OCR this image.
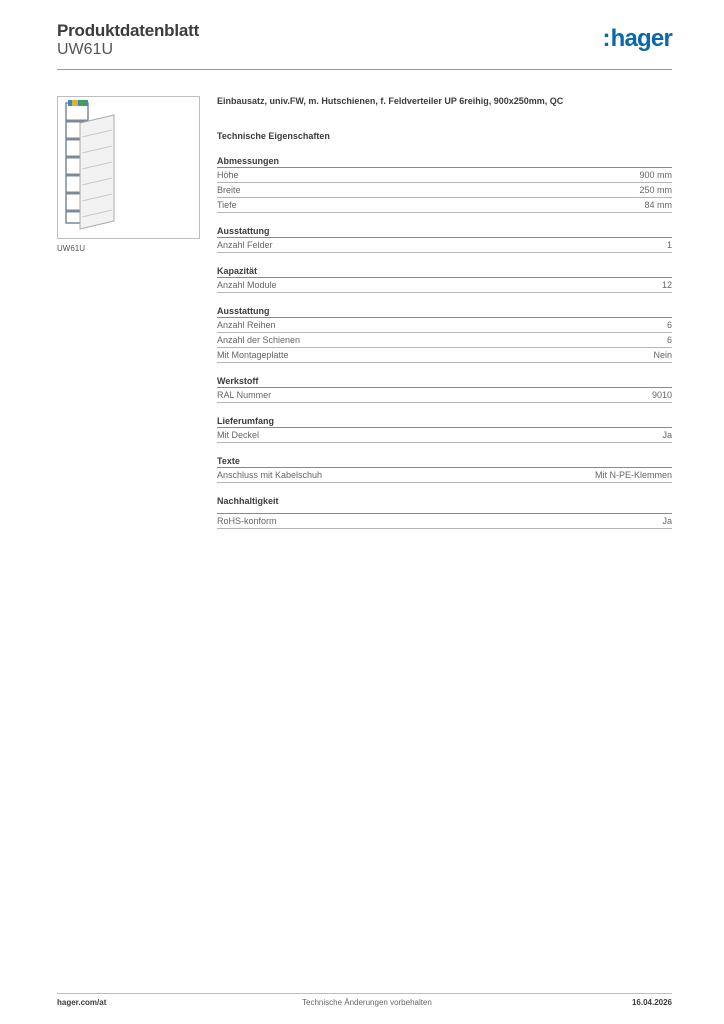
Produktdatenblatt
UW61U	:hager
UW61U
Einbausatz, univ.FW, m. Hutschienen, f. Feldverteiler UP 6reihig, 900x250mm, QC
Technische Eigenschaften
Abmessungen
Höhe	900 mm
Breite	250 mm
Tiefe	84 mm
Ausstattung
Anzahl Felder	1
Kapazität
Anzahl Module	12
Ausstattung
Anzahl Reihen	6
Anzahl der Schienen	6
Mit Montageplatte	Nein
Werkstoff
RAL Nummer	9010
Lieferumfang
Mit Deckel	Ja
Texte
Anschluss mit Kabelschuh	Mit N-PE-Klemmen
Nachhaltigkeit
RoHS-konform	Ja
hager.com/at	Technische Änderungen vorbehalten	16.04.2026
